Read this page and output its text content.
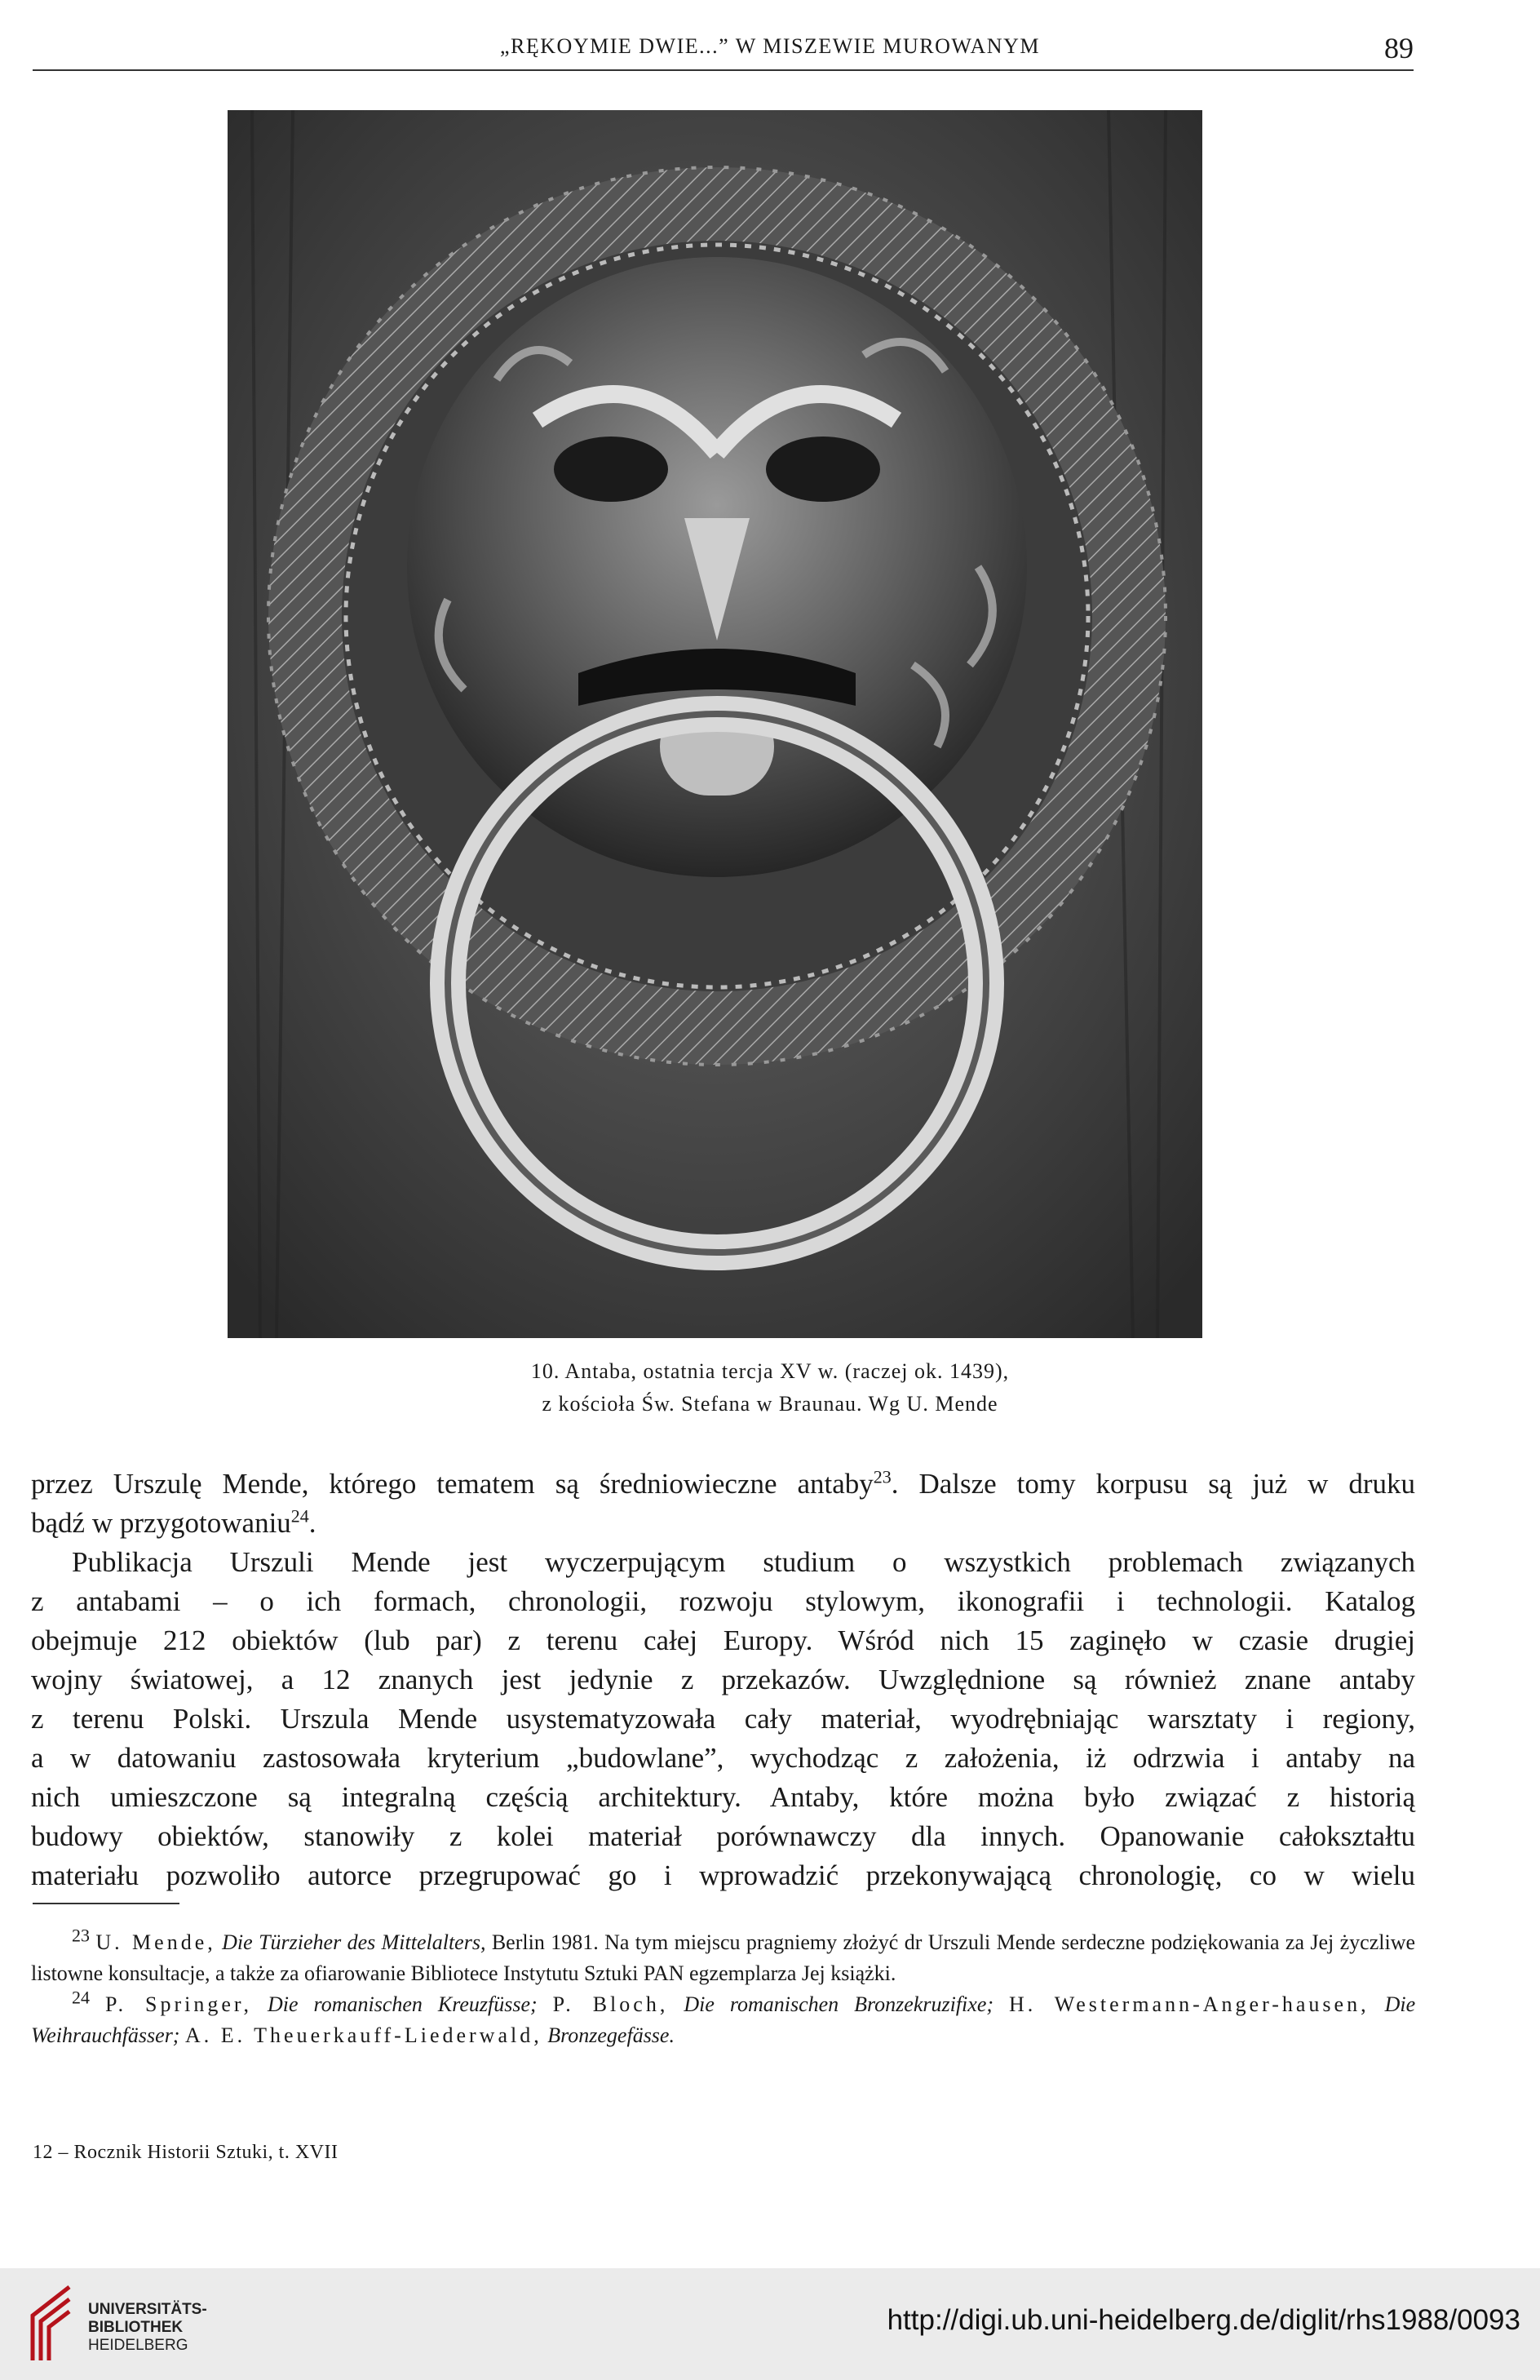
„RĘKOYMIE DWIE...” W MISZEWIE MUROWANYM	89
10. Antaba, ostatnia tercja XV w. (raczej ok. 1439),
z kościoła Św. Stefana w Braunau. Wg U. Mende

przez Urszulę Mende, którego tematem są średniowieczne antaby$^{23}$. Dalsze tomy korpusu są już w druku

bądź w przygotowaniu$^{24}$.

Publikacja Urszuli Mende jest wyczerpującym studium o wszystkich problemach związanych

z antabami – o ich formach, chronologii, rozwoju stylowym, ikonografii i technologii. Katalog

obejmuje 212 obiektów (lub par) z terenu całej Europy. Wśród nich 15 zaginęło w czasie drugiej

wojny światowej, a 12 znanych jest jedynie z przekazów. Uwzględnione są również znane antaby

z terenu Polski. Urszula Mende usystematyzowała cały materiał, wyodrębniając warsztaty i regiony,

a w datowaniu zastosowała kryterium „budowlane”, wychodząc z założenia, iż odrzwia i antaby na

nich umieszczone są integralną częścią architektury. Antaby, które można było związać z historią

budowy obiektów, stanowiły z kolei materiał porównawczy dla innych. Opanowanie całokształtu

materiału pozwoliło autorce przegrupować go i wprowadzić przekonywającą chronologię, co w wielu

$^{23}$ U. Mende, Die Türzieher des Mittelalters, Berlin 1981. Na tym miejscu pragniemy złożyć dr Urszuli Mende serdeczne podziękowania za Jej życzliwe listowne konsultacje, a także za ofiarowanie Bibliotece Instytutu Sztuki PAN egzemplarza Jej książki.

$^{24}$ P. Springer, Die romanischen Kreuzfüsse; P. Bloch, Die romanischen Bronzekruzifixe; H. Westermann-Anger-hausen, Die Weihrauchfässer; A. E. Theuerkauff-Liederwald, Bronzegefässe.

12 – Rocznik Historii Sztuki, t. XVII
UNIVERSITÄTS-
BIBLIOTHEK
HEIDELBERG
http://digi.ub.uni-heidelberg.de/diglit/rhs1988/0093
